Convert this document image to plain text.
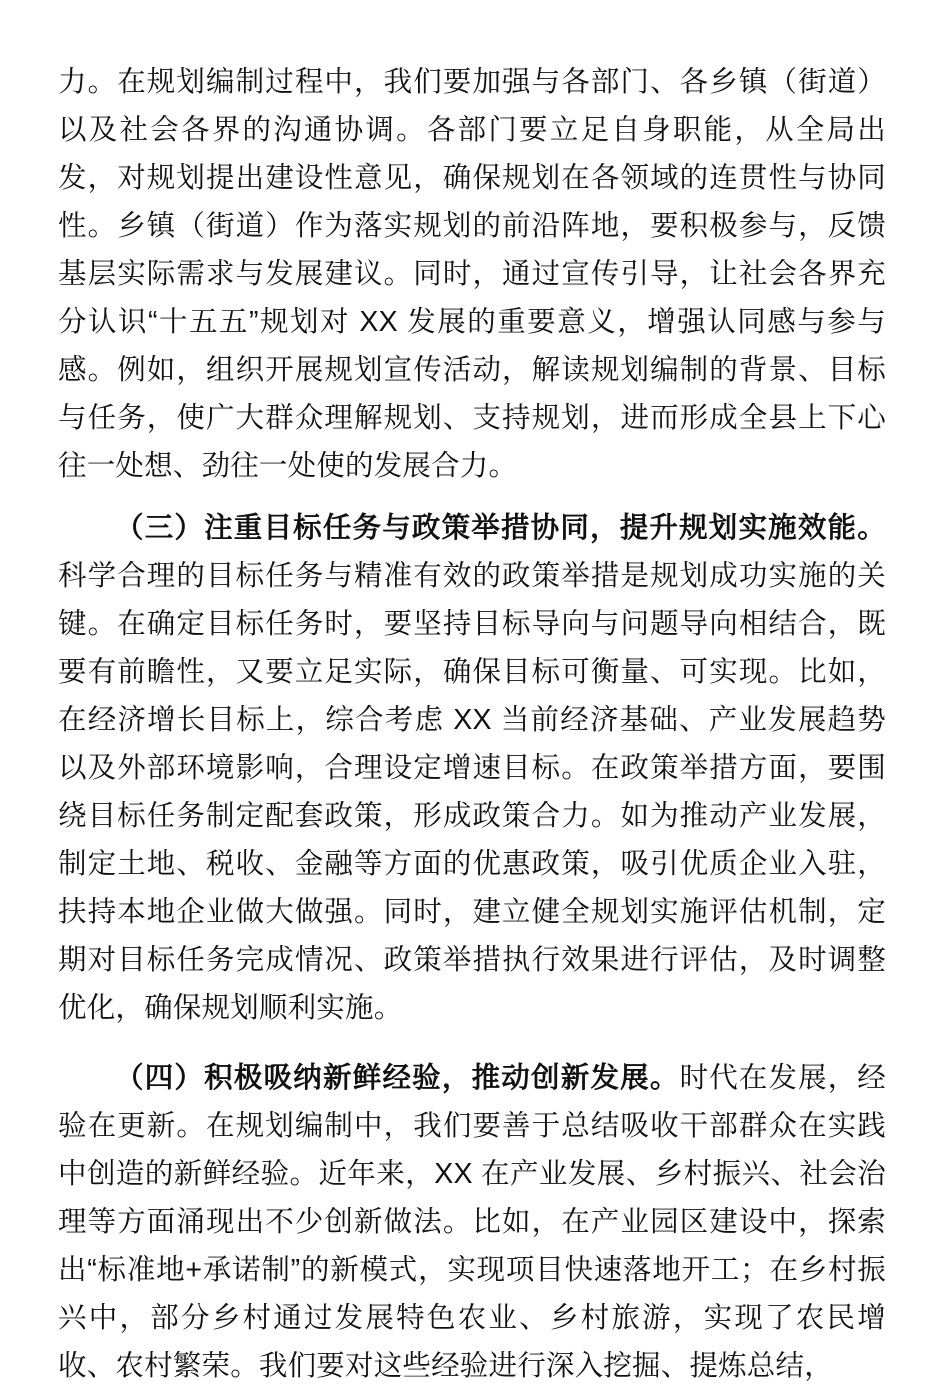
力。在规划编制过程中，我们要加强与各部门、各乡镇（街道）以及社会各界的沟通协调。各部门要立足自身职能，从全局出发，对规划提出建设性意见，确保规划在各领域的连贯性与协同性。乡镇（街道）作为落实规划的前沿阵地，要积极参与，反馈基层实际需求与发展建议。同时，通过宣传引导，让社会各界充分认识“十五五”规划对 XX 发展的重要意义，增强认同感与参与感。例如，组织开展规划宣传活动，解读规划编制的背景、目标与任务，使广大群众理解规划、支持规划，进而形成全县上下心往一处想、劲往一处使的发展合力。

（三）注重目标任务与政策举措协同，提升规划实施效能。科学合理的目标任务与精准有效的政策举措是规划成功实施的关键。在确定目标任务时，要坚持目标导向与问题导向相结合，既要有前瞻性，又要立足实际，确保目标可衡量、可实现。比如，在经济增长目标上，综合考虑 XX 当前经济基础、产业发展趋势以及外部环境影响，合理设定增速目标。在政策举措方面，要围绕目标任务制定配套政策，形成政策合力。如为推动产业发展，制定土地、税收、金融等方面的优惠政策，吸引优质企业入驻，扶持本地企业做大做强。同时，建立健全规划实施评估机制，定期对目标任务完成情况、政策举措执行效果进行评估，及时调整优化，确保规划顺利实施。

（四）积极吸纳新鲜经验，推动创新发展。时代在发展，经验在更新。在规划编制中，我们要善于总结吸收干部群众在实践中创造的新鲜经验。近年来，XX 在产业发展、乡村振兴、社会治理等方面涌现出不少创新做法。比如，在产业园区建设中，探索出“标准地+承诺制”的新模式，实现项目快速落地开工；在乡村振兴中，部分乡村通过发展特色农业、乡村旅游，实现了农民增收、农村繁荣。我们要对这些经验进行深入挖掘、提炼总结，
